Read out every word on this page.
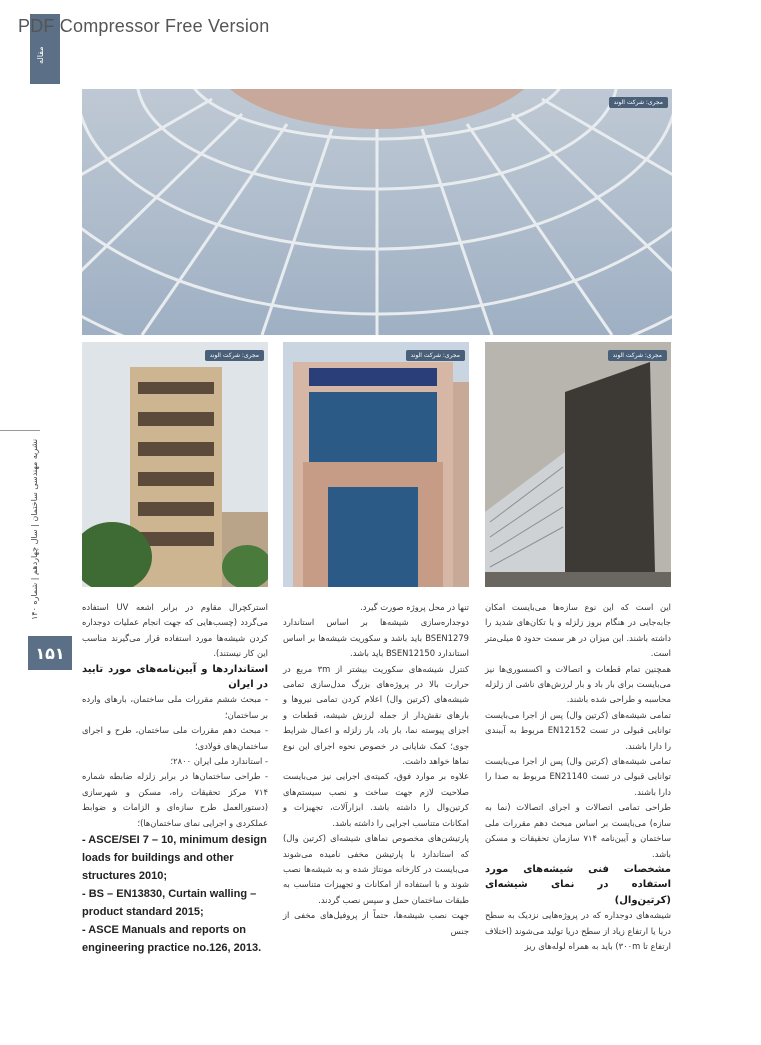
PDF Compressor Free Version
مقاله
نشریه مهندسی ساختمان | سال چهاردهم | شماره ۱۴۰
۱۵۱
مجری: شرکت الوند
مجری: شرکت الوند	مجری: شرکت الوند	مجری: شرکت الوند

این است که این نوع سازه‌ها می‌بایست امکان جابه‌جایی در هنگام بروز زلزله و یا تکان‌های شدید را داشته باشند. این میزان در هر سمت حدود ۵ میلی‌متر است.

همچنین تمام قطعات و اتصالات و اکسسوری‌ها نیز می‌بایست برای بار باد و بار لرزش‌های ناشی از زلزله محاسبه و طراحی شده باشند.

تمامی شیشه‌های (کرتین وال) پس از اجرا می‌بایست توانایی قبولی در تست EN12152 مربوط به آببندی را دارا باشند.

تمامی شیشه‌های (کرتین وال) پس از اجرا می‌بایست توانایی قبولی در تست EN21140 مربوط به صدا را دارا باشند.

طراحی تمامی اتصالات و اجرای اتصالات (نما به سازه) می‌بایست بر اساس مبحث دهم مقررات ملی ساختمان و آیین‌نامه ۷۱۴ سازمان تحقیقات و مسکن باشد.

مشخصات فنی شیشه‌های مورد استفاده در نمای شیشه‌ای (کرتین‌وال)

شیشه‌های دوجداره که در پروژه‌هایی نزدیک به سطح دریا یا ارتفاع زیاد از سطح دریا تولید می‌شوند (اختلاف ارتفاع تا ۳۰۰m) باید به همراه لوله‌های ریز

تنها در محل پروژه صورت گیرد.

دوجداره‌سازی شیشه‌ها بر اساس استاندارد BSEN1279 باید باشد و سکوریت شیشه‌ها بر اساس استاندارد BSEN12150 باید باشد.

کنترل شیشه‌های سکوریت بیشتر از ۳m مربع در حرارت بالا در پروژه‌های بزرگ مدل‌سازی تمامی شیشه‌های (کرتین وال) اعلام کردن تمامی نیروها و بارهای نقش‌دار از جمله لرزش شیشه، قطعات و اجزای پیوسته نما، بار باد، بار زلزله و اعمال شرایط جوی؛ کمک شایانی در خصوص نحوه اجرای این نوع نماها خواهد داشت.

علاوه بر موارد فوق، کمیته‌ی اجرایی نیز می‌بایست صلاحیت لازم جهت ساخت و نصب سیستم‌های کرتین‌وال را داشته باشد. ابزارآلات، تجهیزات و امکانات متناسب اجرایی را داشته باشد.

پارتیشن‌های مخصوص نماهای شیشه‌ای (کرتین وال) که استاندارد با پارتیشن مخفی نامیده می‌شوند می‌بایست در کارخانه مونتاژ شده و به شیشه‌ها نصب شوند و با استفاده از امکانات و تجهیزات متناسب به طبقات ساختمان حمل و سپس نصب گردند.

جهت نصب شیشه‌ها، حتماً از پروفیل‌های مخفی از جنس

استرکچرال مقاوم در برابر اشعه UV استفاده می‌گردد (چسب‌هایی که جهت انجام عملیات دوجداره کردن شیشه‌ها مورد استفاده قرار می‌گیرند مناسب این کار نیستند).

استانداردها و آیین‌نامه‌های مورد تایید در ایران

- مبحث ششم مقررات ملی ساختمان، بارهای وارده بر ساختمان؛

- مبحث دهم مقررات ملی ساختمان، طرح و اجرای ساختمان‌های فولادی؛

- استاندارد ملی ایران ۲۸۰۰؛

- طراحی ساختمان‌ها در برابر زلزله ضابطه شماره ۷۱۴ مرکز تحقیقات راه، مسکن و شهرسازی (دستورالعمل طرح سازه‌ای و الزامات و ضوابط عملکردی و اجرایی نمای ساختمان‌ها)؛

- ASCE/SEI 7 – 10, minimum design loads for buildings and other structures 2010;

- BS – EN13830, Curtain walling – product standard 2015;

- ASCE Manuals and reports on engineering practice no.126, 2013.
